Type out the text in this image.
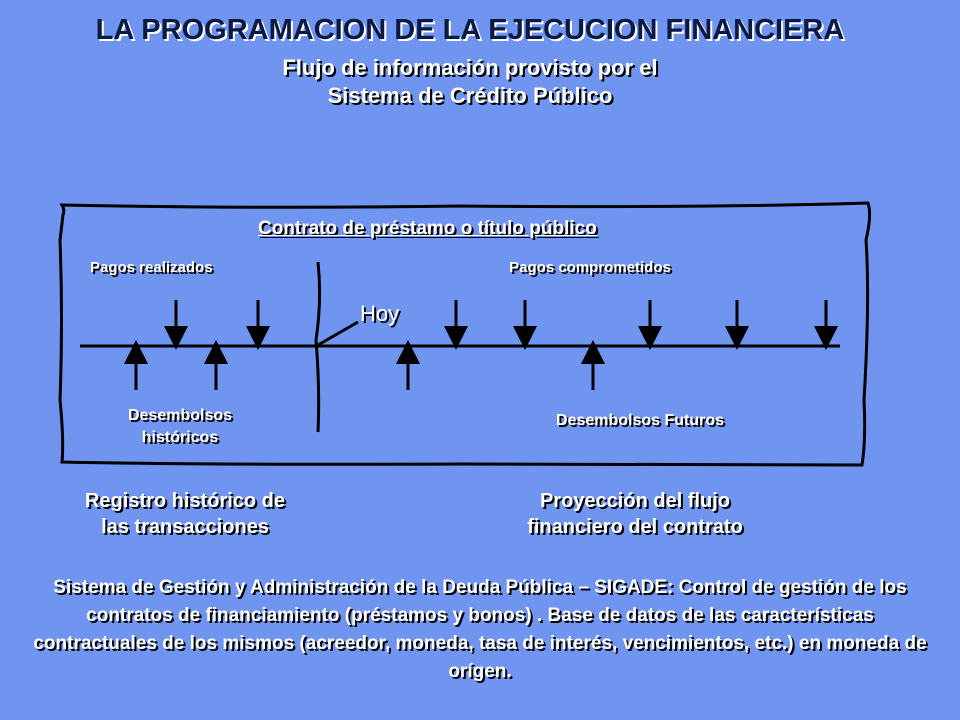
LA PROGRAMACION DE LA EJECUCION FINANCIERA
Flujo de información provisto por el
Sistema de Crédito Público
Contrato de préstamo o título público
Pagos realizados	Pagos comprometidos
Hoy
Desembolsos
históricos
Desembolsos Futuros
Registro histórico de
las transacciones
Proyección del flujo
financiero del contrato
Sistema de Gestión y Administración de la Deuda Pública – SIGADE: Control de gestión de los contratos de financiamiento (préstamos y bonos) . Base de datos de las características contractuales de los mismos (acreedor, moneda, tasa de interés, vencimientos, etc.) en moneda de orígen.
